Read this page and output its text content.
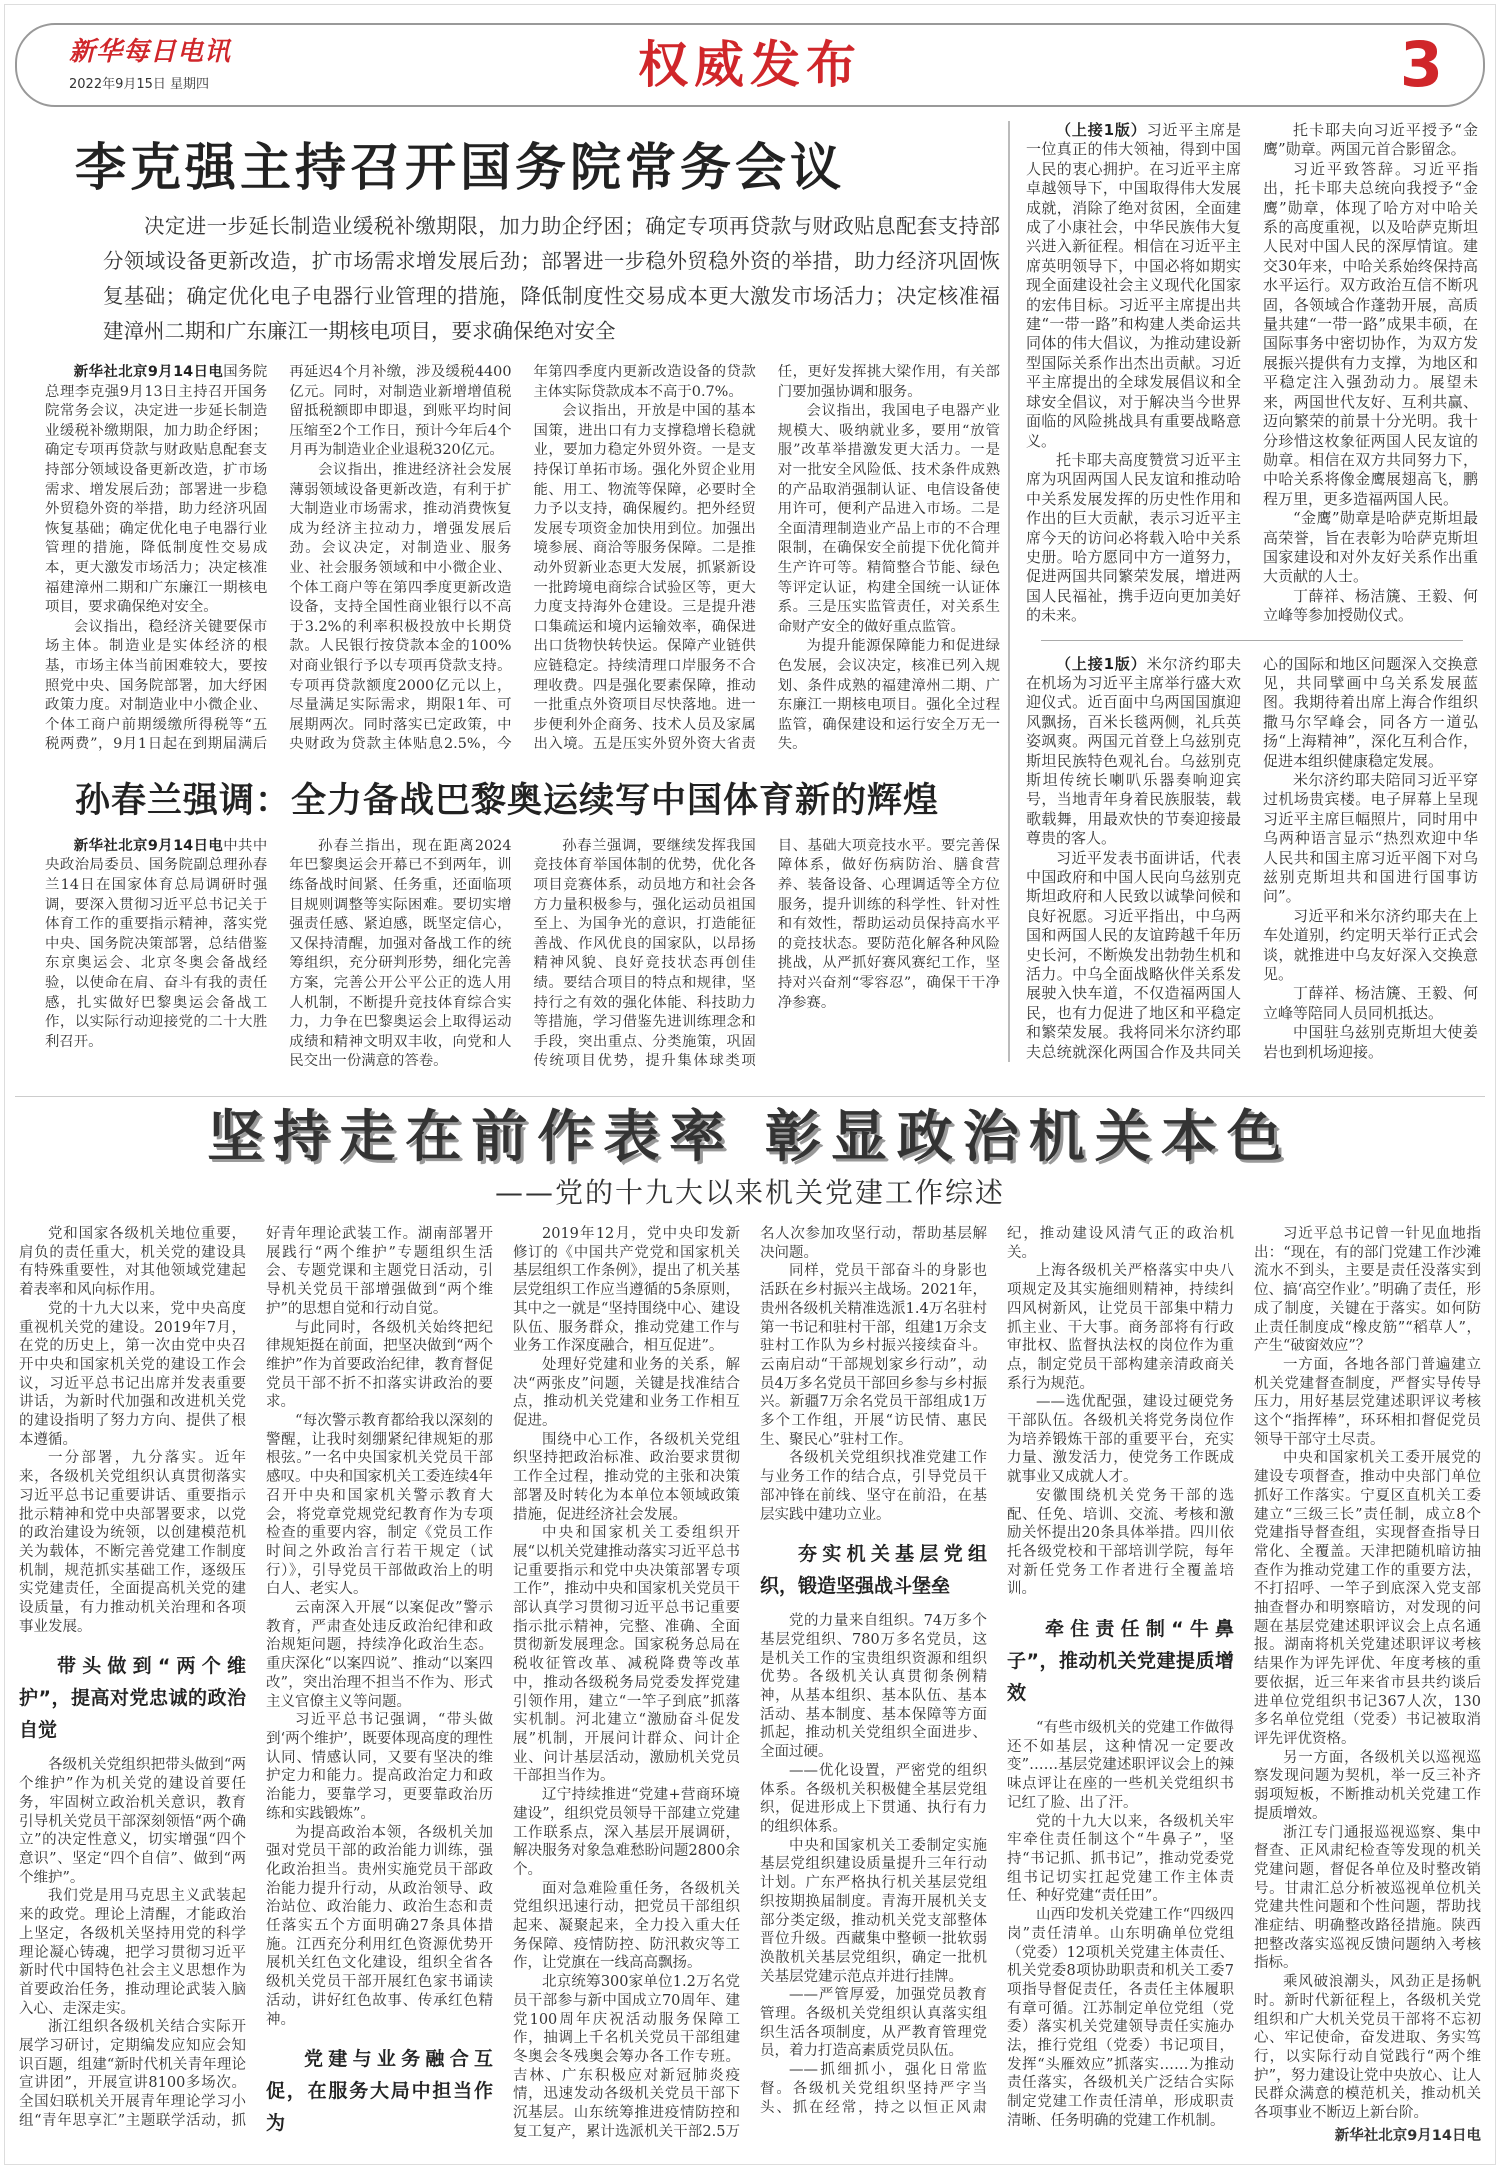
新华每日电讯
2022年9月15日 星期四	权威发布	3
李克强主持召开国务院常务会议

决定进一步延长制造业缓税补缴期限，加力助企纾困；确定专项再贷款与财政贴息配套支持部分领域设备更新改造，扩市场需求增发展后劲；部署进一步稳外贸稳外资的举措，助力经济巩固恢复基础；确定优化电子电器行业管理的措施，降低制度性交易成本更大激发市场活力；决定核准福建漳州二期和广东廉江一期核电项目，要求确保绝对安全

新华社北京9月14日电国务院总理李克强9月13日主持召开国务院常务会议，决定进一步延长制造业缓税补缴期限，加力助企纾困；确定专项再贷款与财政贴息配套支持部分领域设备更新改造，扩市场需求、增发展后劲；部署进一步稳外贸稳外资的举措，助力经济巩固恢复基础；确定优化电子电器行业管理的措施，降低制度性交易成本，更大激发市场活力；决定核准福建漳州二期和广东廉江一期核电项目，要求确保绝对安全。

会议指出，稳经济关键要保市场主体。制造业是实体经济的根基，市场主体当前困难较大，要按照党中央、国务院部署，加大纾困政策力度。对制造业中小微企业、个体工商户前期缓缴所得税等“五税两费”，9月1日起在到期届满后再延迟4个月补缴，涉及缓税4400亿元。同时，对制造业新增增值税留抵税额即申即退，到账平均时间压缩至2个工作日，预计今年后4个月再为制造业企业退税320亿元。

会议指出，推进经济社会发展薄弱领域设备更新改造，有利于扩大制造业市场需求，推动消费恢复成为经济主拉动力，增强发展后劲。会议决定，对制造业、服务业、社会服务领域和中小微企业、个体工商户等在第四季度更新改造设备，支持全国性商业银行以不高于3.2%的利率积极投放中长期贷款。人民银行按贷款本金的100%对商业银行予以专项再贷款支持。专项再贷款额度2000亿元以上，尽量满足实际需求，期限1年、可展期两次。同时落实已定政策，中央财政为贷款主体贴息2.5%，今年第四季度内更新改造设备的贷款主体实际贷款成本不高于0.7%。

会议指出，开放是中国的基本国策，进出口有力支撑稳增长稳就业，要加力稳定外贸外资。一是支持保订单拓市场。强化外贸企业用能、用工、物流等保障，必要时全力予以支持，确保履约。把外经贸发展专项资金加快用到位。加强出境参展、商洽等服务保障。二是推动外贸新业态更大发展，抓紧新设一批跨境电商综合试验区等，更大力度支持海外仓建设。三是提升港口集疏运和境内运输效率，确保进出口货物快转快运。保障产业链供应链稳定。持续清理口岸服务不合理收费。四是强化要素保障，推动一批重点外资项目尽快落地。进一步便利外企商务、技术人员及家属出入境。五是压实外贸外资大省责任，更好发挥挑大梁作用，有关部门要加强协调和服务。

会议指出，我国电子电器产业规模大、吸纳就业多，要用“放管服”改革举措激发更大活力。一是对一批安全风险低、技术条件成熟的产品取消强制认证、电信设备使用许可，便利产品进入市场。二是全面清理制造业产品上市的不合理限制，在确保安全前提下优化简并生产许可等。精简整合节能、绿色等评定认证，构建全国统一认证体系。三是压实监管责任，对关系生命财产安全的做好重点监管。

为提升能源保障能力和促进绿色发展，会议决定，核准已列入规划、条件成熟的福建漳州二期、广东廉江一期核电项目。强化全过程监管，确保建设和运行安全万无一失。

孙春兰强调：全力备战巴黎奥运续写中国体育新的辉煌

新华社北京9月14日电中共中央政治局委员、国务院副总理孙春兰14日在国家体育总局调研时强调，要深入贯彻习近平总书记关于体育工作的重要指示精神，落实党中央、国务院决策部署，总结借鉴东京奥运会、北京冬奥会备战经验，以使命在肩、奋斗有我的责任感，扎实做好巴黎奥运会备战工作，以实际行动迎接党的二十大胜利召开。

孙春兰指出，现在距离2024年巴黎奥运会开幕已不到两年，训练备战时间紧、任务重，还面临项目规则调整等实际困难。要切实增强责任感、紧迫感，既坚定信心，又保持清醒，加强对备战工作的统筹组织，充分研判形势，细化完善方案，完善公开公平公正的选人用人机制，不断提升竞技体育综合实力，力争在巴黎奥运会上取得运动成绩和精神文明双丰收，向党和人民交出一份满意的答卷。

孙春兰强调，要继续发挥我国竞技体育举国体制的优势，优化各项目竞赛体系，动员地方和社会各方力量积极参与，强化运动员祖国至上、为国争光的意识，打造能征善战、作风优良的国家队，以昂扬精神风貌、良好竞技状态再创佳绩。要结合项目的特点和规律，坚持行之有效的强化体能、科技助力等措施，学习借鉴先进训练理念和手段，突出重点、分类施策，巩固传统项目优势，提升集体球类项目、基础大项竞技水平。要完善保障体系，做好伤病防治、膳食营养、装备设备、心理调适等全方位服务，提升训练的科学性、针对性和有效性，帮助运动员保持高水平的竞技状态。要防范化解各种风险挑战，从严抓好赛风赛纪工作，坚持对兴奋剂“零容忍”，确保干干净净参赛。

（上接1版）习近平主席是一位真正的伟大领袖，得到中国人民的衷心拥护。在习近平主席卓越领导下，中国取得伟大发展成就，消除了绝对贫困，全面建成了小康社会，中华民族伟大复兴进入新征程。相信在习近平主席英明领导下，中国必将如期实现全面建设社会主义现代化国家的宏伟目标。习近平主席提出共建“一带一路”和构建人类命运共同体的伟大倡议，为推动建设新型国际关系作出杰出贡献。习近平主席提出的全球发展倡议和全球安全倡议，对于解决当今世界面临的风险挑战具有重要战略意义。

托卡耶夫高度赞赏习近平主席为巩固两国人民友谊和推动哈中关系发展发挥的历史性作用和作出的巨大贡献，表示习近平主席今天的访问必将载入哈中关系史册。哈方愿同中方一道努力，促进两国共同繁荣发展，增进两国人民福祉，携手迈向更加美好的未来。

托卡耶夫向习近平授予“金鹰”勋章。两国元首合影留念。

习近平致答辞。习近平指出，托卡耶夫总统向我授予“金鹰”勋章，体现了哈方对中哈关系的高度重视，以及哈萨克斯坦人民对中国人民的深厚情谊。建交30年来，中哈关系始终保持高水平运行。双方政治互信不断巩固，各领域合作蓬勃开展，高质量共建“一带一路”成果丰硕，在国际事务中密切协作，为双方发展振兴提供有力支撑，为地区和平稳定注入强劲动力。展望未来，两国世代友好、互利共赢、迈向繁荣的前景十分光明。我十分珍惜这枚象征两国人民友谊的勋章。相信在双方共同努力下，中哈关系将像金鹰展翅高飞，鹏程万里，更多造福两国人民。

“金鹰”勋章是哈萨克斯坦最高荣誉，旨在表彰为哈萨克斯坦国家建设和对外友好关系作出重大贡献的人士。

丁薛祥、杨洁篪、王毅、何立峰等参加授勋仪式。

（上接1版）米尔济约耶夫在机场为习近平主席举行盛大欢迎仪式。近百面中乌两国国旗迎风飘扬，百米长毯两侧，礼兵英姿飒爽。两国元首登上乌兹别克斯坦民族特色观礼台。乌兹别克斯坦传统长喇叭乐器奏响迎宾号，当地青年身着民族服装，载歌载舞，用最欢快的节奏迎接最尊贵的客人。

习近平发表书面讲话，代表中国政府和中国人民向乌兹别克斯坦政府和人民致以诚挚问候和良好祝愿。习近平指出，中乌两国和两国人民的友谊跨越千年历史长河，不断焕发出勃勃生机和活力。中乌全面战略伙伴关系发展驶入快车道，不仅造福两国人民，也有力促进了地区和平稳定和繁荣发展。我将同米尔济约耶夫总统就深化两国合作及共同关心的国际和地区问题深入交换意见，共同擘画中乌关系发展蓝图。我期待着出席上海合作组织撒马尔罕峰会，同各方一道弘扬“上海精神”，深化互利合作，促进本组织健康稳定发展。

米尔济约耶夫陪同习近平穿过机场贵宾楼。电子屏幕上呈现习近平主席巨幅照片，同时用中乌两种语言显示“热烈欢迎中华人民共和国主席习近平阁下对乌兹别克斯坦共和国进行国事访问”。

习近平和米尔济约耶夫在上车处道别，约定明天举行正式会谈，就推进中乌友好深入交换意见。

丁薛祥、杨洁篪、王毅、何立峰等陪同人员同机抵达。

中国驻乌兹别克斯坦大使姜岩也到机场迎接。

坚持走在前作表率 彰显政治机关本色
——党的十九大以来机关党建工作综述

党和国家各级机关地位重要，肩负的责任重大，机关党的建设具有特殊重要性，对其他领域党建起着表率和风向标作用。

党的十九大以来，党中央高度重视机关党的建设。2019年7月，在党的历史上，第一次由党中央召开中央和国家机关党的建设工作会议，习近平总书记出席并发表重要讲话，为新时代加强和改进机关党的建设指明了努力方向、提供了根本遵循。

一分部署，九分落实。近年来，各级机关党组织认真贯彻落实习近平总书记重要讲话、重要指示批示精神和党中央部署要求，以党的政治建设为统领，以创建模范机关为载体，不断完善党建工作制度机制，规范抓实基础工作，逐级压实党建责任，全面提高机关党的建设质量，有力推动机关治理和各项事业发展。

带头做到“两个维护”，提高对党忠诚的政治自觉

各级机关党组织把带头做到“两个维护”作为机关党的建设首要任务，牢固树立政治机关意识，教育引导机关党员干部深刻领悟“两个确立”的决定性意义，切实增强“四个意识”、坚定“四个自信”、做到“两个维护”。

我们党是用马克思主义武装起来的政党。理论上清醒，才能政治上坚定，各级机关坚持用党的科学理论凝心铸魂，把学习贯彻习近平新时代中国特色社会主义思想作为首要政治任务，推动理论武装入脑入心、走深走实。

浙江组织各级机关结合实际开展学习研讨，定期编发应知应会知识百题，组建“新时代机关青年理论宣讲团”，开展宣讲8100多场次。全国妇联机关开展青年理论学习小组“青年思享汇”主题联学活动，抓好青年理论武装工作。湖南部署开展践行“两个维护”专题组织生活会、专题党课和主题党日活动，引导机关党员干部增强做到“两个维护”的思想自觉和行动自觉。

与此同时，各级机关始终把纪律规矩挺在前面，把坚决做到“两个维护”作为首要政治纪律，教育督促党员干部不折不扣落实讲政治的要求。

“每次警示教育都给我以深刻的警醒，让我时刻绷紧纪律规矩的那根弦。”一名中央国家机关党员干部感叹。中央和国家机关工委连续4年召开中央和国家机关警示教育大会，将党章党规党纪教育作为专项检查的重要内容，制定《党员工作时间之外政治言行若干规定（试行）》，引导党员干部做政治上的明白人、老实人。

云南深入开展“以案促改”警示教育，严肃查处违反政治纪律和政治规矩问题，持续净化政治生态。重庆深化“以案四说”、推动“以案四改”，突出治理不担当不作为、形式主义官僚主义等问题。

习近平总书记强调，“带头做到‘两个维护’，既要体现高度的理性认同、情感认同，又要有坚决的维护定力和能力。提高政治定力和政治能力，要靠学习，更要靠政治历练和实践锻炼”。

为提高政治本领，各级机关加强对党员干部的政治能力训练，强化政治担当。贵州实施党员干部政治能力提升行动，从政治领导、政治站位、政治能力、政治生态和责任落实五个方面明确27条具体措施。江西充分利用红色资源优势开展机关红色文化建设，组织全省各级机关党员干部开展红色家书诵读活动，讲好红色故事、传承红色精神。

党建与业务融合互促，在服务大局中担当作为

2019年12月，党中央印发新修订的《中国共产党党和国家机关基层组织工作条例》，提出了机关基层党组织工作应当遵循的5条原则，其中之一就是“坚持围绕中心、建设队伍、服务群众，推动党建工作与业务工作深度融合，相互促进”。

处理好党建和业务的关系，解决“两张皮”问题，关键是找准结合点，推动机关党建和业务工作相互促进。

围绕中心工作，各级机关党组织坚持把政治标准、政治要求贯彻工作全过程，推动党的主张和决策部署及时转化为本单位本领域政策措施，促进经济社会发展。

中央和国家机关工委组织开展“以机关党建推动落实习近平总书记重要指示和党中央决策部署专项工作”，推动中央和国家机关党员干部认真学习贯彻习近平总书记重要指示批示精神，完整、准确、全面贯彻新发展理念。国家税务总局在税收征管改革、减税降费等改革中，推动各级税务局党委发挥党建引领作用，建立“一竿子到底”抓落实机制。河北建立“激励奋斗促发展”机制，开展问计群众、问计企业、问计基层活动，激励机关党员干部担当作为。

辽宁持续推进“党建+营商环境建设”，组织党员领导干部建立党建工作联系点，深入基层开展调研，解决服务对象急难愁盼问题2800余个。

面对急难险重任务，各级机关党组织迅速行动，把党员干部组织起来、凝聚起来，全力投入重大任务保障、疫情防控、防汛救灾等工作，让党旗在一线高高飘扬。

北京统筹300家单位1.2万名党员干部参与新中国成立70周年、建党100周年庆祝活动服务保障工作，抽调上千名机关党员干部组建冬奥会冬残奥会筹办各工作专班。吉林、广东积极应对新冠肺炎疫情，迅速发动各级机关党员干部下沉基层。山东统筹推进疫情防控和复工复产，累计选派机关干部2.5万名人次参加攻坚行动，帮助基层解决问题。

同样，党员干部奋斗的身影也活跃在乡村振兴主战场。2021年，贵州各级机关精准选派1.4万名驻村第一书记和驻村干部，组建1万余支驻村工作队为乡村振兴接续奋斗。云南启动“干部规划家乡行动”，动员4万多名党员干部回乡参与乡村振兴。新疆7万余名党员干部组成1万多个工作组，开展“访民情、惠民生、聚民心”驻村工作。

各级机关党组织找准党建工作与业务工作的结合点，引导党员干部冲锋在前线、坚守在前沿，在基层实践中建功立业。

夯实机关基层党组织，锻造坚强战斗堡垒

党的力量来自组织。74万多个基层党组织、780万多名党员，这是机关工作的宝贵组织资源和组织优势。各级机关认真贯彻条例精神，从基本组织、基本队伍、基本活动、基本制度、基本保障等方面抓起，推动机关党组织全面进步、全面过硬。

——优化设置，严密党的组织体系。各级机关积极健全基层党组织，促进形成上下贯通、执行有力的组织体系。

中央和国家机关工委制定实施基层党组织建设质量提升三年行动计划。广东严格执行机关基层党组织按期换届制度。青海开展机关支部分类定级，推动机关党支部整体晋位升级。西藏集中整顿一批软弱涣散机关基层党组织，确定一批机关基层党建示范点并进行挂牌。

——严管厚爱，加强党员教育管理。各级机关党组织认真落实组织生活各项制度，从严教育管理党员，着力打造高素质党员队伍。

——抓细抓小，强化日常监督。各级机关党组织坚持严字当头、抓在经常，持之以恒正风肃纪，推动建设风清气正的政治机关。

上海各级机关严格落实中央八项规定及其实施细则精神，持续纠四风树新风，让党员干部集中精力抓主业、干大事。商务部将有行政审批权、监督执法权的岗位作为重点，制定党员干部构建亲清政商关系行为规范。

——选优配强，建设过硬党务干部队伍。各级机关将党务岗位作为培养锻炼干部的重要平台，充实力量、激发活力，使党务工作既成就事业又成就人才。

安徽围绕机关党务干部的选配、任免、培训、交流、考核和激励关怀提出20条具体举措。四川依托各级党校和干部培训学院，每年对新任党务工作者进行全覆盖培训。

牵住责任制“牛鼻子”，推动机关党建提质增效

“有些市级机关的党建工作做得还不如基层，这种情况一定要改变”……基层党建述职评议会上的辣味点评让在座的一些机关党组织书记红了脸、出了汗。

党的十九大以来，各级机关牢牢牵住责任制这个“牛鼻子”，坚持“书记抓、抓书记”，推动党委党组书记切实扛起党建工作主体责任、种好党建“责任田”。

山西印发机关党建工作“四级四岗”责任清单。山东明确单位党组（党委）12项机关党建主体责任、机关党委8项协助职责和机关工委7项指导督促责任，各责任主体履职有章可循。江苏制定单位党组（党委）落实机关党建领导责任实施办法，推行党组（党委）书记项目，发挥“头雁效应”抓落实……为推动责任落实，各级机关广泛结合实际制定党建工作责任清单，形成职责清晰、任务明确的党建工作机制。

习近平总书记曾一针见血地指出：“现在，有的部门党建工作沙滩流水不到头，主要是责任没落实到位、搞‘高空作业’。”明确了责任，形成了制度，关键在于落实。如何防止责任制度成“橡皮筋”“稻草人”，产生“破窗效应”？

一方面，各地各部门普遍建立机关党建督查制度，严督实导传导压力，用好基层党建述职评议考核这个“指挥棒”，环环相扣督促党员领导干部守土尽责。

中央和国家机关工委开展党的建设专项督查，推动中央部门单位抓好工作落实。宁夏区直机关工委建立“三级三长”责任制，成立8个党建指导督查组，实现督查指导日常化、全覆盖。天津把随机暗访抽查作为推动党建工作的重要方法，不打招呼、一竿子到底深入党支部抽查督办和明察暗访，对发现的问题在基层党建述职评议会上点名通报。湖南将机关党建述职评议考核结果作为评先评优、年度考核的重要依据，近三年来省市县共约谈后进单位党组织书记367人次，130多名单位党组（党委）书记被取消评先评优资格。

另一方面，各级机关以巡视巡察发现问题为契机，举一反三补齐弱项短板，不断推动机关党建工作提质增效。

浙江专门通报巡视巡察、集中督查、正风肃纪检查等发现的机关党建问题，督促各单位及时整改销号。甘肃汇总分析被巡视单位机关党建共性问题和个性问题，帮助找准症结、明确整改路径措施。陕西把整改落实巡视反馈问题纳入考核指标。

乘风破浪潮头，风劲正是扬帆时。新时代新征程上，各级机关党组织和广大机关党员干部将不忘初心、牢记使命，奋发进取、务实笃行，以实际行动自觉践行“两个维护”，努力建设让党中央放心、让人民群众满意的模范机关，推动机关各项事业不断迈上新台阶。

新华社北京9月14日电
